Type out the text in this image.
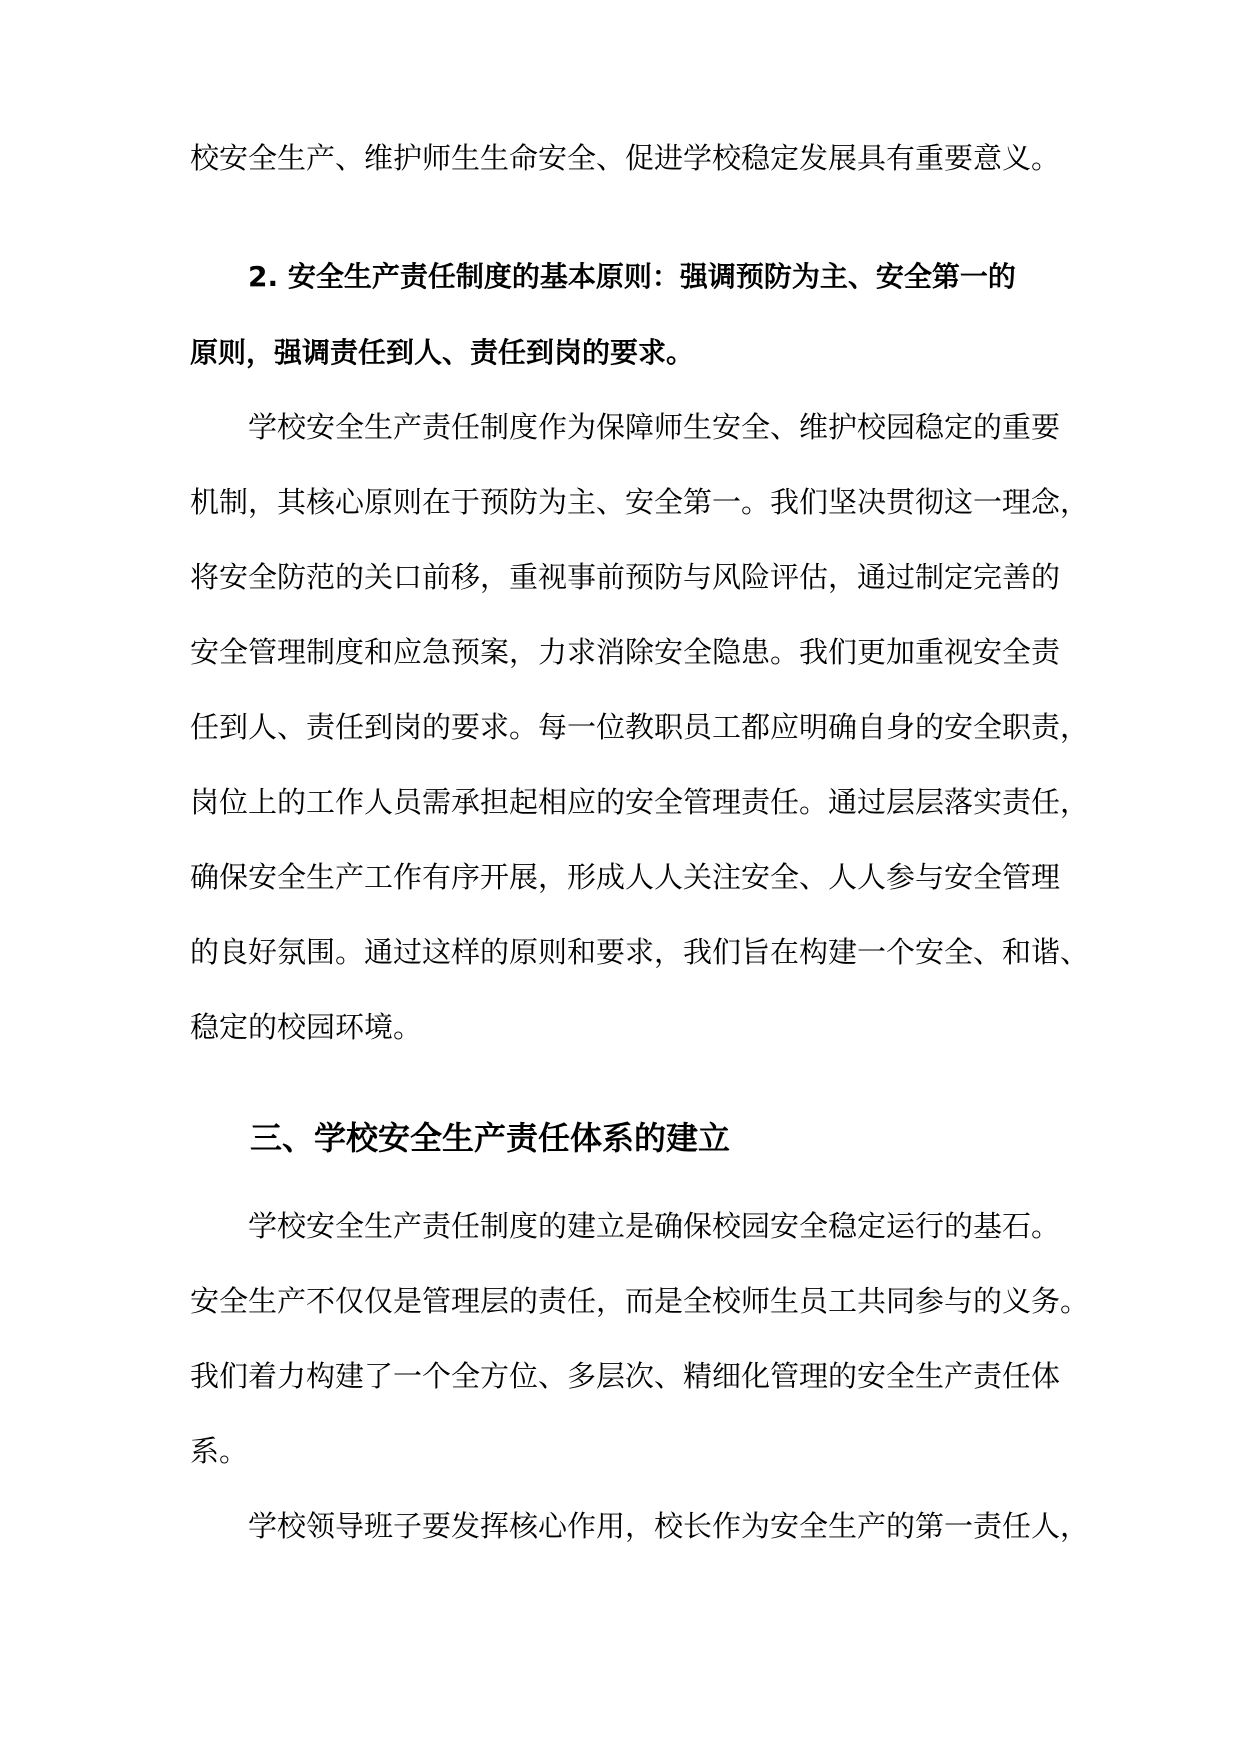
校安全生产、维护师生生命安全、促进学校稳定发展具有重要意义。
2. 安全生产责任制度的基本原则：强调预防为主、安全第一的
原则，强调责任到人、责任到岗的要求。
学校安全生产责任制度作为保障师生安全、维护校园稳定的重要
机制，其核心原则在于预防为主、安全第一。我们坚决贯彻这一理念，
将安全防范的关口前移，重视事前预防与风险评估，通过制定完善的
安全管理制度和应急预案，力求消除安全隐患。我们更加重视安全责
任到人、责任到岗的要求。每一位教职员工都应明确自身的安全职责，
岗位上的工作人员需承担起相应的安全管理责任。通过层层落实责任，
确保安全生产工作有序开展，形成人人关注安全、人人参与安全管理
的良好氛围。通过这样的原则和要求，我们旨在构建一个安全、和谐、
稳定的校园环境。
三、学校安全生产责任体系的建立
学校安全生产责任制度的建立是确保校园安全稳定运行的基石。
安全生产不仅仅是管理层的责任，而是全校师生员工共同参与的义务。
我们着力构建了一个全方位、多层次、精细化管理的安全生产责任体
系。
学校领导班子要发挥核心作用，校长作为安全生产的第一责任人，
